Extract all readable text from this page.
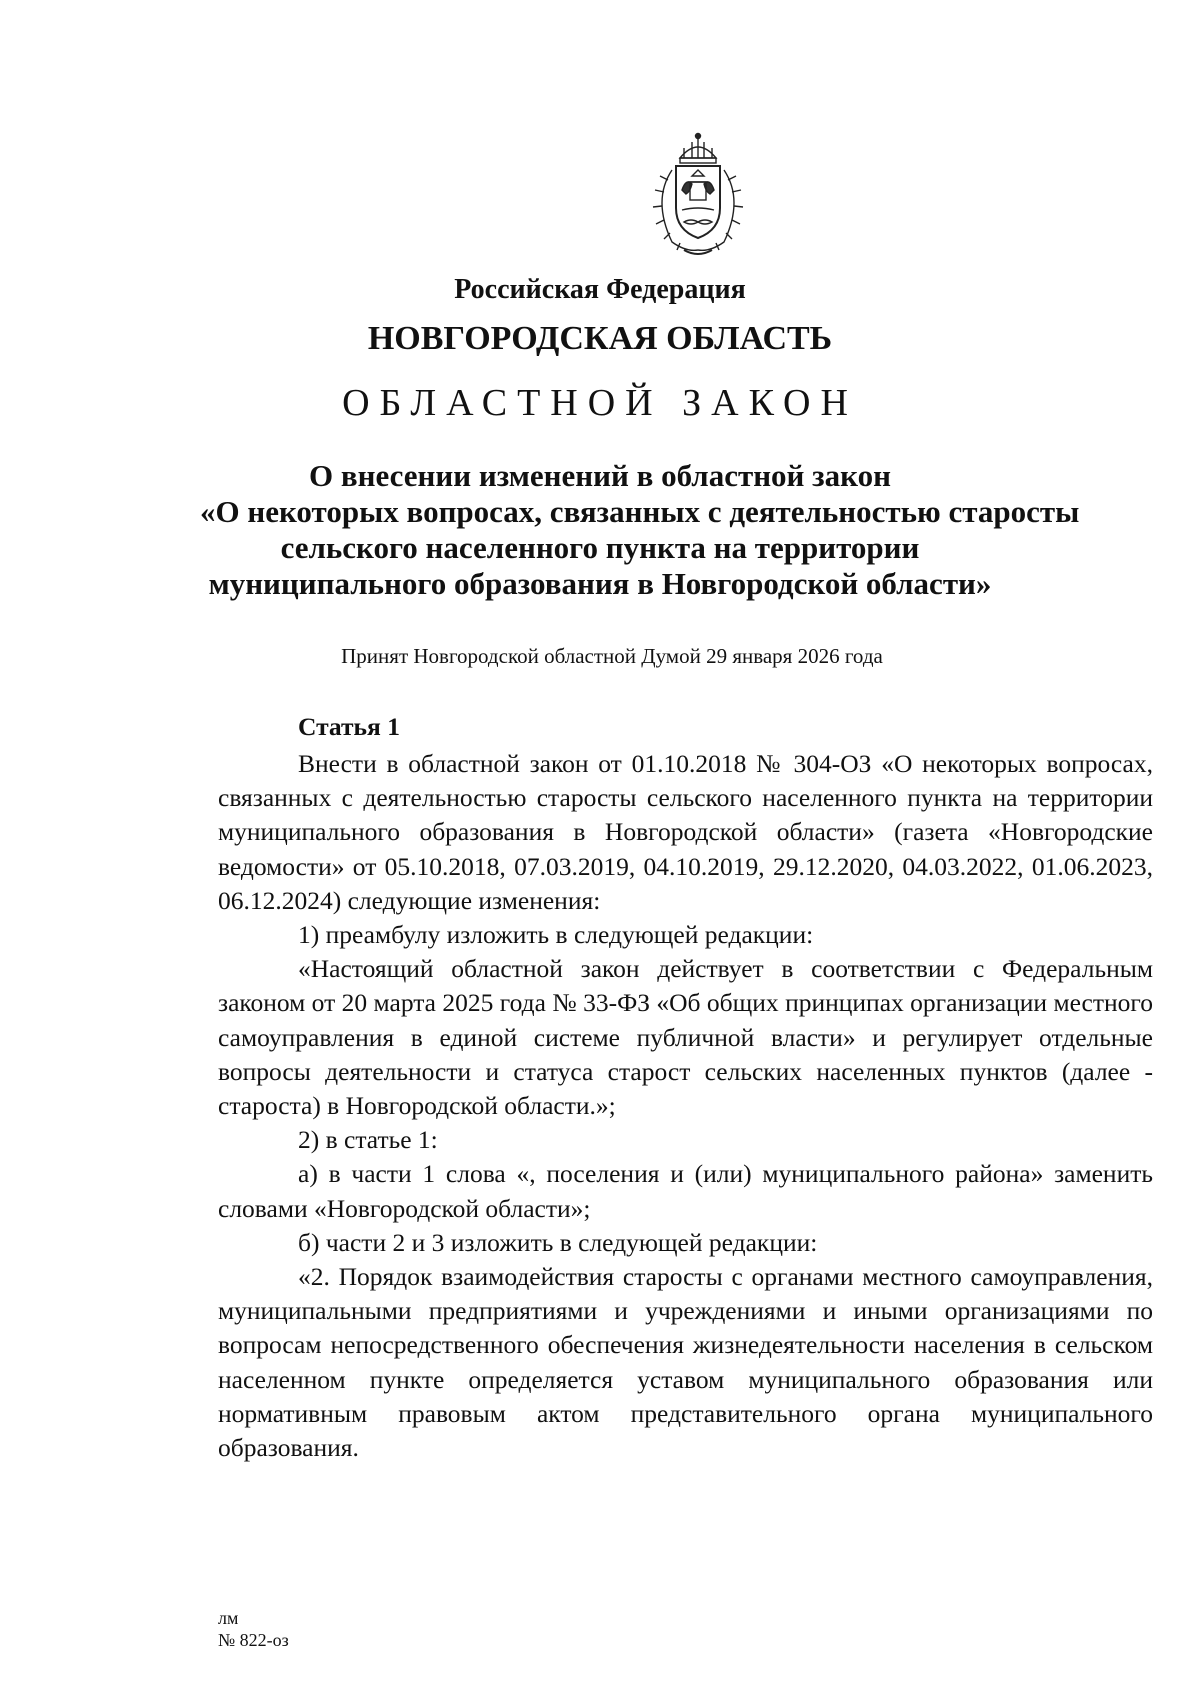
Российская Федерация
НОВГОРОДСКАЯ ОБЛАСТЬ
ОБЛАСТНОЙ ЗАКОН
О внесении изменений в областной закон
«О некоторых вопросах, связанных с деятельностью старосты
сельского населенного пункта на территории
муниципального образования в Новгородской области»
Принят Новгородской областной Думой 29 января 2026 года
Статья 1

Внести в областной закон от 01.10.2018 № 304-ОЗ «О некоторых вопросах, связанных с деятельностью старосты сельского населенного пункта на территории муниципального образования в Новгородской области» (газета «Новгородские ведомости» от 05.10.2018, 07.03.2019, 04.10.2019, 29.12.2020, 04.03.2022, 01.06.2023, 06.12.2024) следующие изменения:

1) преамбулу изложить в следующей редакции:

«Настоящий областной закон действует в соответствии с Федеральным законом от 20 марта 2025 года № 33-ФЗ «Об общих принципах организации местного самоуправления в единой системе публичной власти» и регулирует отдельные вопросы деятельности и статуса старост сельских населенных пунктов (далее - староста) в Новгородской области.»;

2) в статье 1:

а) в части 1 слова «, поселения и (или) муниципального района» заменить словами «Новгородской области»;

б) части 2 и 3 изложить в следующей редакции:

«2. Порядок взаимодействия старосты с органами местного самоуправления, муниципальными предприятиями и учреждениями и иными организациями по вопросам непосредственного обеспечения жизнедеятельности населения в сельском населенном пункте определяется уставом муниципального образования или нормативным правовым актом представительного органа муниципального образования.

лм
№ 822-оз
